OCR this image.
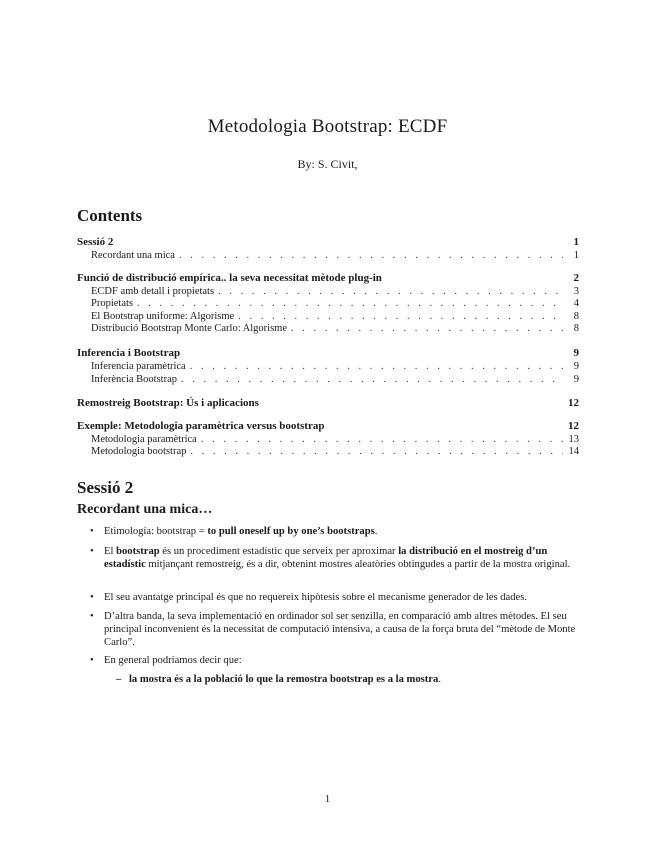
Metodologia Bootstrap: ECDF
By: S. Civit,
Contents
Sessió 2	1
Recordant una mica . . .	1
Funció de distribució empírica.. la seva necessitat mètode plug-in	2
ECDF amb detall i propietats . . .	3
Propietats . . .	4
El Bootstrap uniforme: Algorisme . . .	8
Distribució Bootstrap Monte Carlo: Algorisme . . .	8
Inferencia i Bootstrap	9
Inferencia paramètrica . . .	9
Inferència Bootstrap . . .	9
Remostreig Bootstrap: Ús i aplicacions	12
Exemple: Metodologia paramètrica versus bootstrap	12
Metodologia paramètrica . . .	13
Metodologia bootstrap . . .	14
Sessió 2
Recordant una mica…
• Etimología: bootstrap = to pull oneself up by one’s bootstraps.
• El bootstrap és un procediment estadístic que serveix per aproximar la distribució en el mostreig d’un estadístic mitjançant remostreig, és a dir, obtenint mostres aleatòries obtingudes a partir de la mostra original.
• El seu avantatge principal és que no requereix hipòtesis sobre el mecanisme generador de les dades.
• D’altra banda, la seva implementació en ordinador sol ser senzilla, en comparació amb altres mètodes. El seu principal inconvenient és la necessitat de computació intensiva, a causa de la força bruta del “mètode de Monte Carlo”.
• En general podríamos decir que:
– la mostra és a la població lo que la remostra bootstrap es a la mostra.
1
